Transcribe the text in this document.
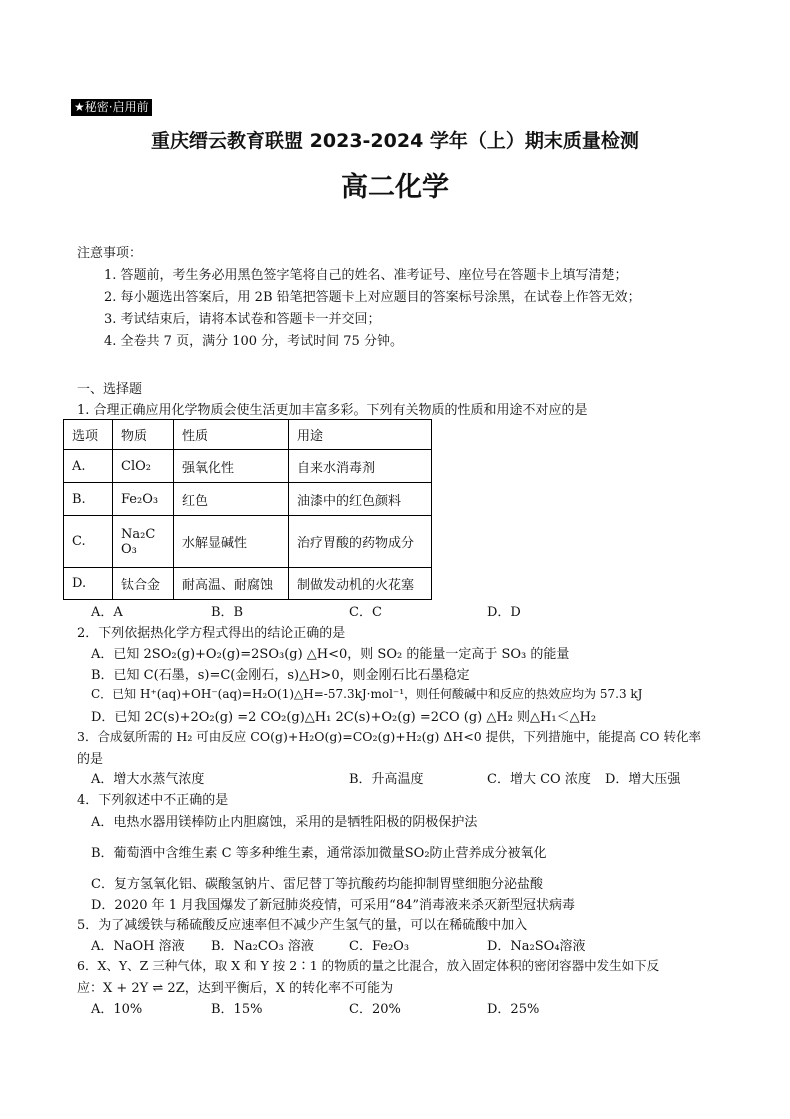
★秘密·启用前
重庆缙云教育联盟 2023-2024 学年（上）期末质量检测
高二化学
注意事项：
1. 答题前，考生务必用黑色签字笔将自己的姓名、准考证号、座位号在答题卡上填写清楚；
2. 每小题选出答案后，用 2B 铅笔把答题卡上对应题目的答案标号涂黑，在试卷上作答无效；
3. 考试结束后，请将本试卷和答题卡一并交回；
4. 全卷共 7 页，满分 100 分，考试时间 75 分钟。
一、选择题
1. 合理正确应用化学物质会使生活更加丰富多彩。下列有关物质的性质和用途不对应的是
选项	物质	性质	用途
A.	ClO₂	强氧化性	自来水消毒剂
B.	Fe₂O₃	红色	油漆中的红色颜料
C.	Na₂CO₃	水解显碱性	治疗胃酸的药物成分
D.	钛合金	耐高温、耐腐蚀	制做发动机的火花塞
A．A	B．B	C．C	D．D
2．下列依据热化学方程式得出的结论正确的是
A．已知 2SO₂(g)+O₂(g)=2SO₃(g) △H<0，则 SO₂ 的能量一定高于 SO₃ 的能量
B．已知 C(石墨，s)=C(金刚石，s)△H>0，则金刚石比石墨稳定
C．已知 H⁺(aq)+OH⁻(aq)=H₂O(1)△H=-57.3kJ·mol⁻¹，则任何酸碱中和反应的热效应均为 57.3 kJ
D．已知 2C(s)+2O₂(g) =2 CO₂(g)△H₁ 2C(s)+O₂(g) =2CO (g) △H₂ 则△H₁＜△H₂
3．合成氨所需的 H₂ 可由反应 CO(g)+H₂O(g)=CO₂(g)+H₂(g) ΔH<0 提供，下列措施中，能提高 CO 转化率
的是
A．增大水蒸气浓度	B．升高温度	C．增大 CO 浓度 D．增大压强
4．下列叙述中不正确的是
A．电热水器用镁棒防止内胆腐蚀，采用的是牺牲阳极的阴极保护法
B．葡萄酒中含维生素 C 等多种维生素，通常添加微量SO₂防止营养成分被氧化
C．复方氢氧化铝、碳酸氢钠片、雷尼替丁等抗酸药均能抑制胃壁细胞分泌盐酸
D．2020 年 1 月我国爆发了新冠肺炎疫情，可采用“84”消毒液来杀灭新型冠状病毒
5．为了减缓铁与稀硫酸反应速率但不减少产生氢气的量，可以在稀硫酸中加入
A．NaOH 溶液 B．Na₂CO₃ 溶液	C．Fe₂O₃	D．Na₂SO₄溶液
6．X、Y、Z 三种气体，取 X 和 Y 按 2∶1 的物质的量之比混合，放入固定体积的密闭容器中发生如下反
应：X + 2Y ⇌ 2Z，达到平衡后，X 的转化率不可能为
A．10%	B．15%	C．20%	D．25%
